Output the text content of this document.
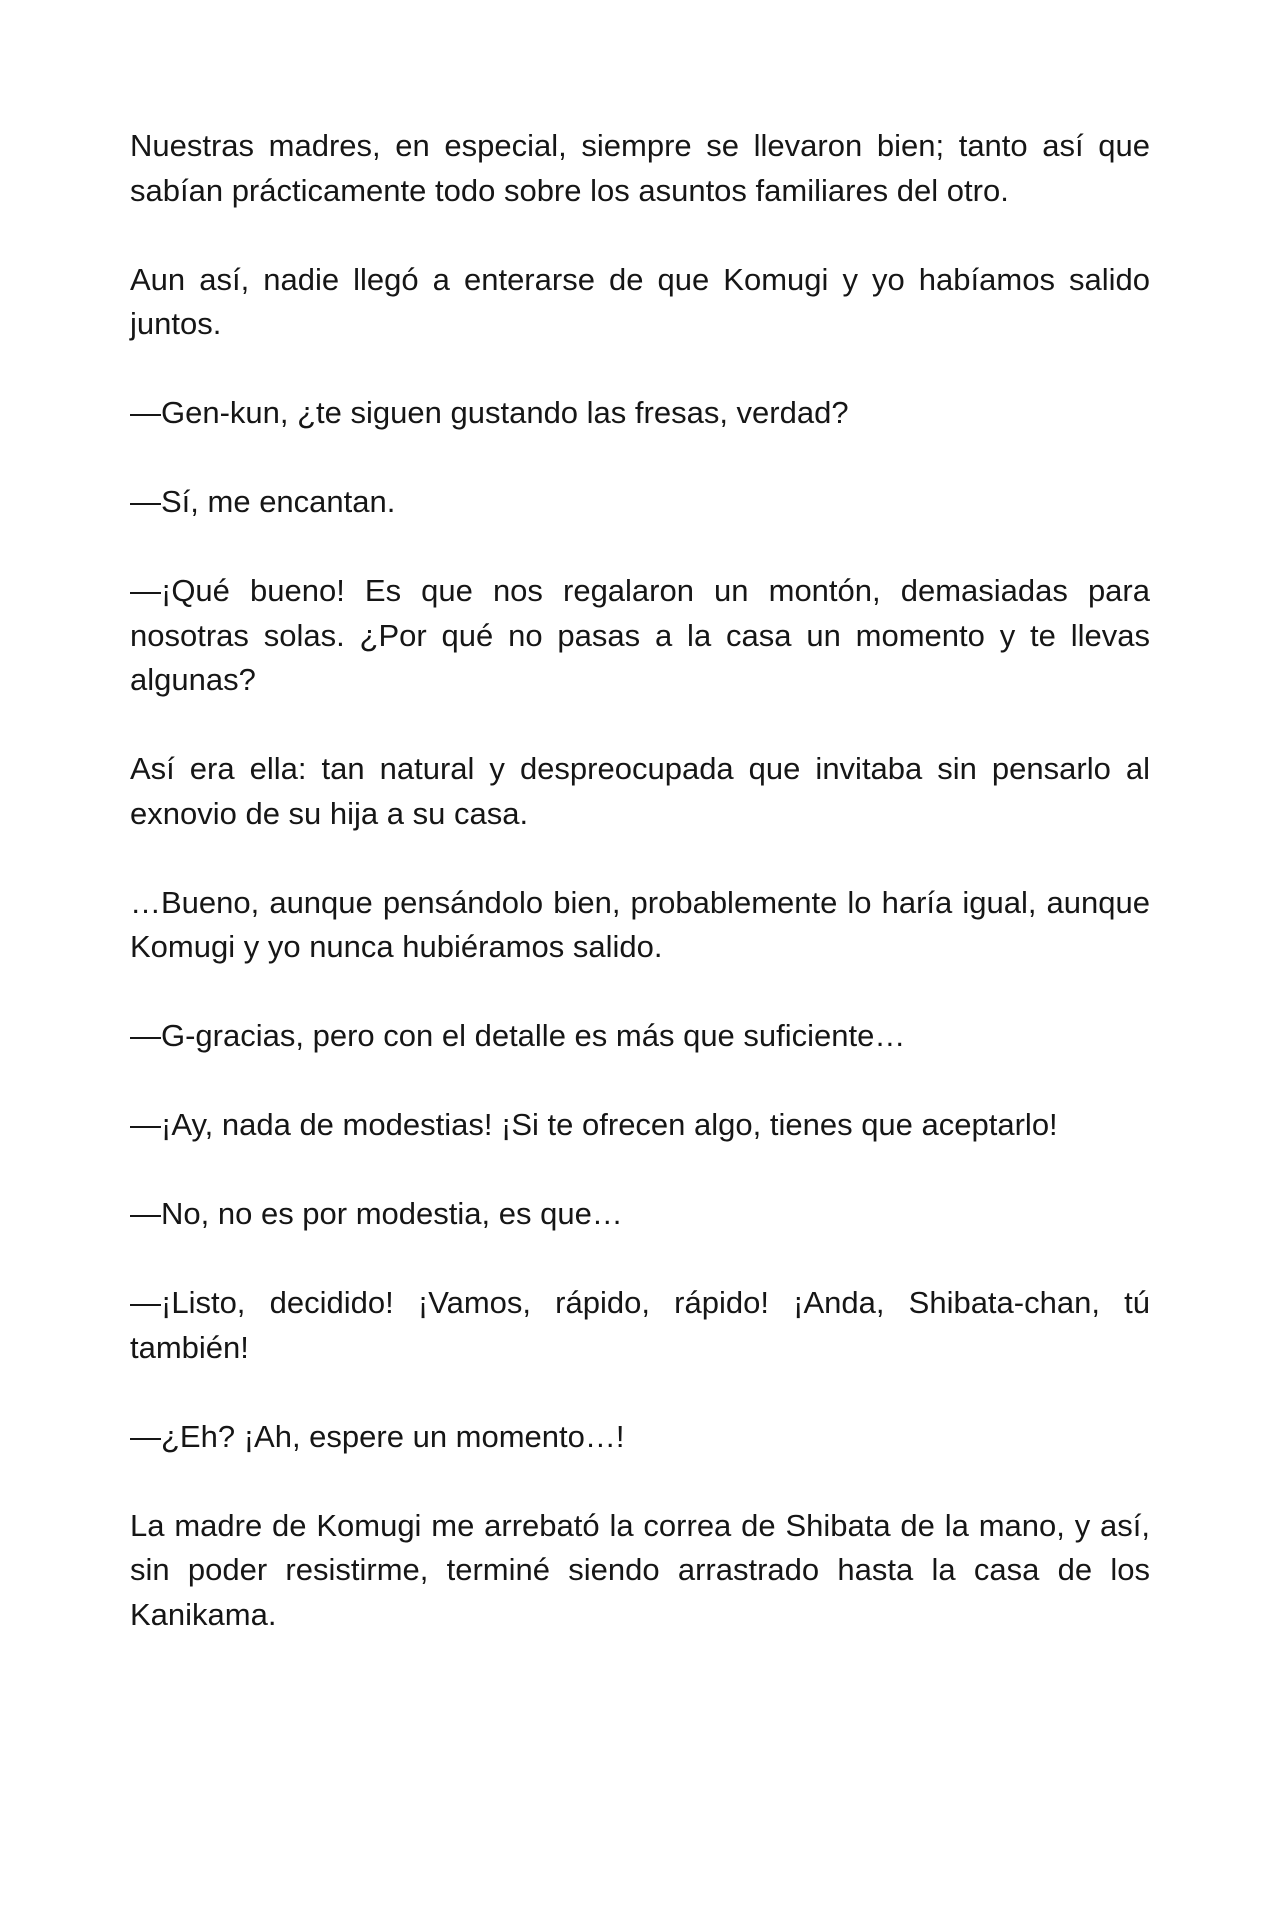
Nuestras madres, en especial, siempre se llevaron bien; tanto así que sabían prácticamente todo sobre los asuntos familiares del otro.

Aun así, nadie llegó a enterarse de que Komugi y yo habíamos salido juntos.

—Gen-kun, ¿te siguen gustando las fresas, verdad?

—Sí, me encantan.

—¡Qué bueno! Es que nos regalaron un montón, demasiadas para nosotras solas. ¿Por qué no pasas a la casa un momento y te llevas algunas?

Así era ella: tan natural y despreocupada que invitaba sin pensarlo al exnovio de su hija a su casa.

…Bueno, aunque pensándolo bien, probablemente lo haría igual, aunque Komugi y yo nunca hubiéramos salido.

—G-gracias, pero con el detalle es más que suficiente…

—¡Ay, nada de modestias! ¡Si te ofrecen algo, tienes que aceptarlo!

—No, no es por modestia, es que…

—¡Listo, decidido! ¡Vamos, rápido, rápido! ¡Anda, Shibata-chan, tú también!

—¿Eh? ¡Ah, espere un momento…!

La madre de Komugi me arrebató la correa de Shibata de la mano, y así, sin poder resistirme, terminé siendo arrastrado hasta la casa de los Kanikama.
